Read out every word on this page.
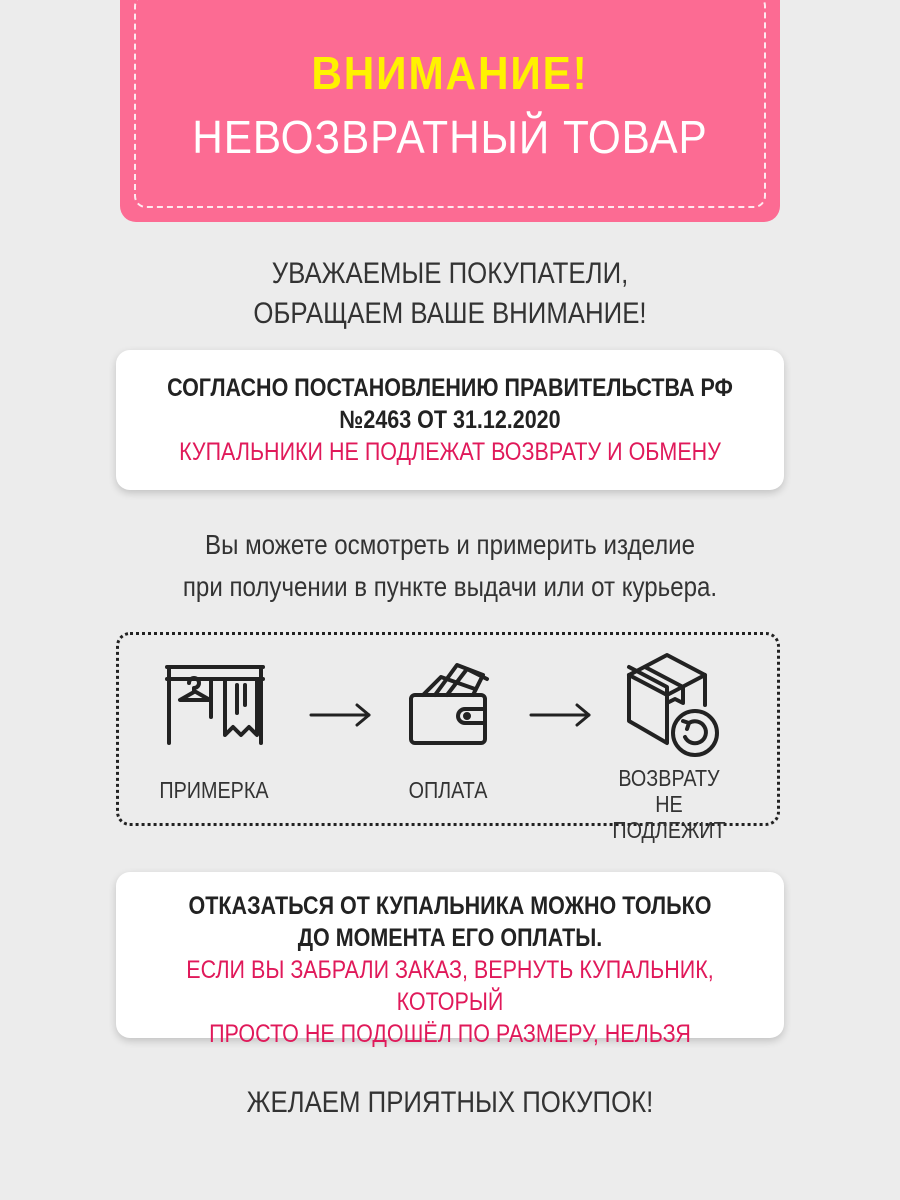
ВНИМАНИЕ!
НЕВОЗВРАТНЫЙ ТОВАР
УВАЖАЕМЫЕ ПОКУПАТЕЛИ,
ОБРАЩАЕМ ВАШЕ ВНИМАНИЕ!
СОГЛАСНО ПОСТАНОВЛЕНИЮ ПРАВИТЕЛЬСТВА РФ
№2463 ОТ 31.12.2020
КУПАЛЬНИКИ НЕ ПОДЛЕЖАТ ВОЗВРАТУ И ОБМЕНУ
Вы можете осмотреть и примерить изделие
при получении в пункте выдачи или от курьера.
ПРИМЕРКА	ОПЛАТА	ВОЗВРАТУ
НЕ ПОДЛЕЖИТ
ОТКАЗАТЬСЯ ОТ КУПАЛЬНИКА МОЖНО ТОЛЬКО
ДО МОМЕНТА ЕГО ОПЛАТЫ.
ЕСЛИ ВЫ ЗАБРАЛИ ЗАКАЗ, ВЕРНУТЬ КУПАЛЬНИК, КОТОРЫЙ
ПРОСТО НЕ ПОДОШЁЛ ПО РАЗМЕРУ, НЕЛЬЗЯ
ЖЕЛАЕМ ПРИЯТНЫХ ПОКУПОК!
